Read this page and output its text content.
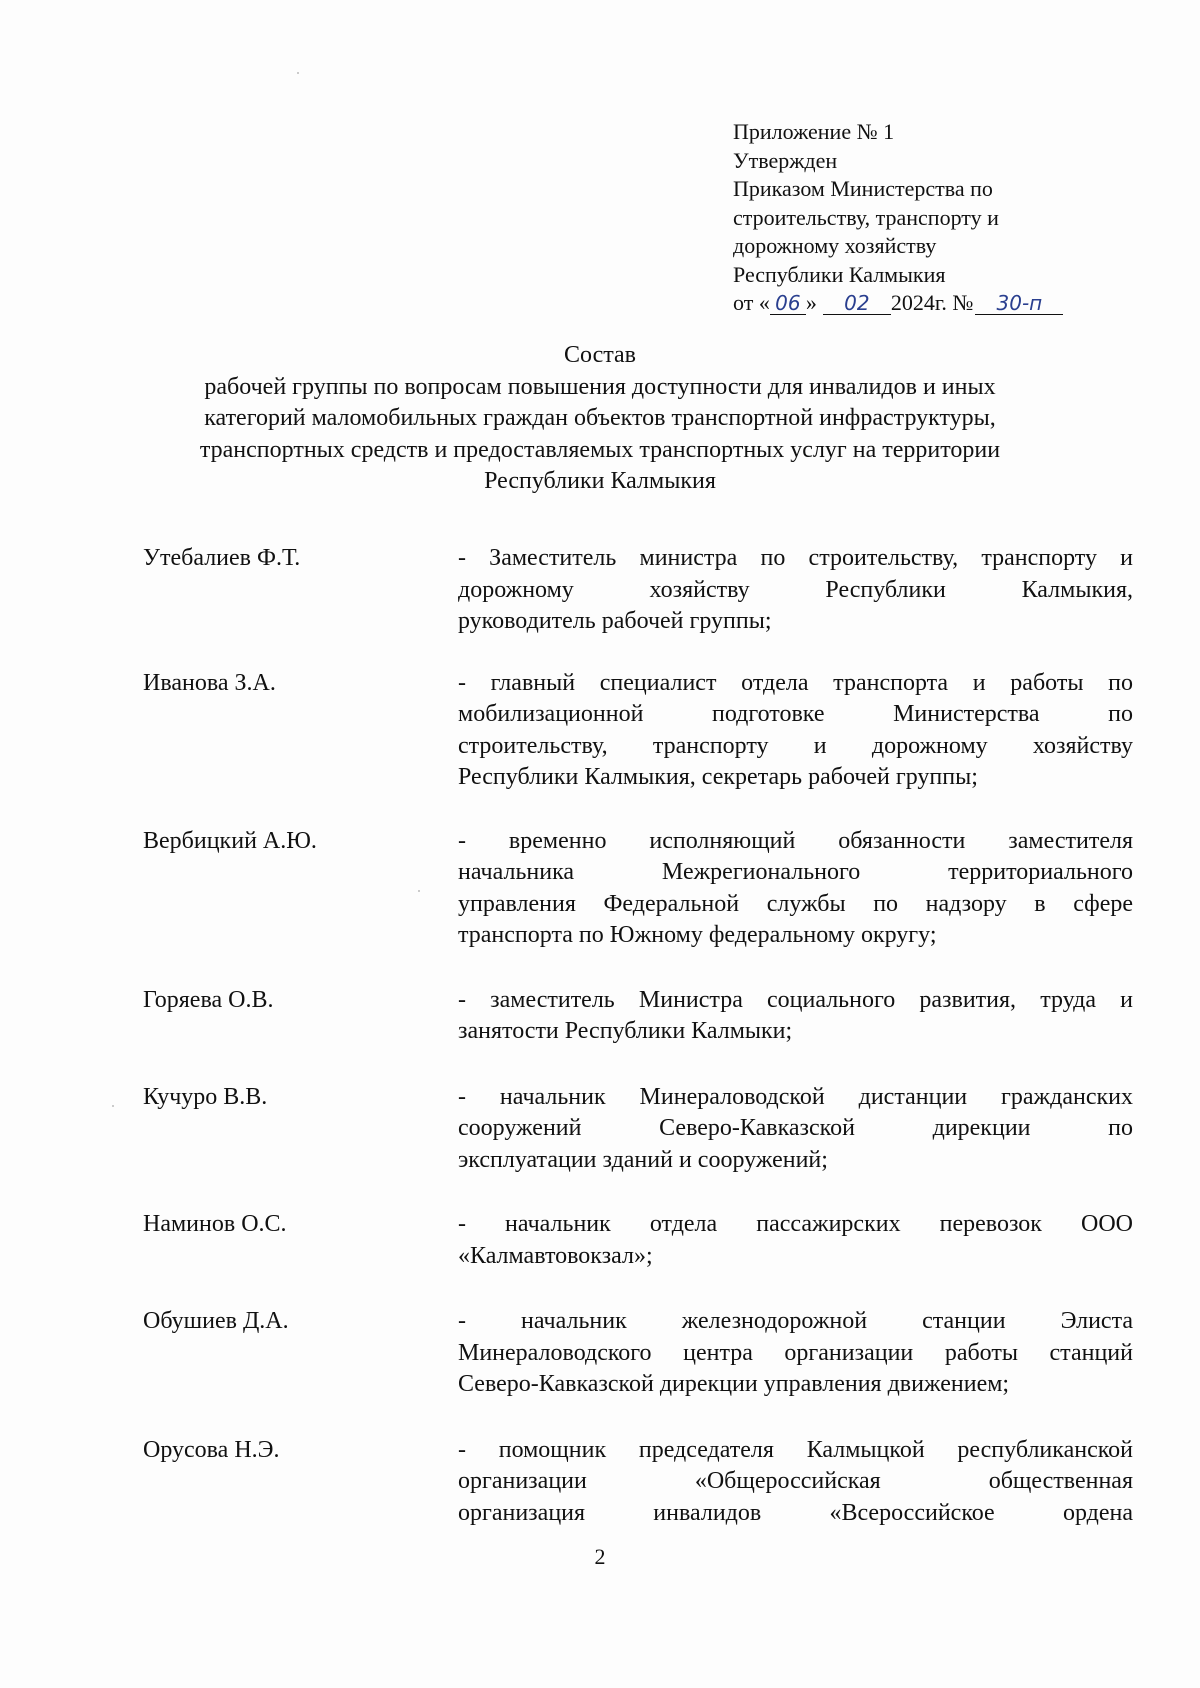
Приложение № 1
Утвержден
Приказом Министерства по
строительству, транспорту и
дорожному хозяйству
Республики Калмыкия
от « 06 » 02 2024г. № 30-п
Состав
рабочей группы по вопросам повышения доступности для инвалидов и иных
категорий маломобильных граждан объектов транспортной инфраструктуры,
транспортных средств и предоставляемых транспортных услуг на территории
Республики Калмыкия
Утебалиев Ф.Т.	- Заместитель министра по строительству, транспорту и
дорожному хозяйству Республики Калмыкия,
руководитель рабочей группы;
Иванова З.А.	- главный специалист отдела транспорта и работы по
мобилизационной подготовке Министерства по
строительству, транспорту и дорожному хозяйству
Республики Калмыкия, секретарь рабочей группы;
Вербицкий А.Ю.	- временно исполняющий обязанности заместителя
начальника Межрегионального территориального
управления Федеральной службы по надзору в сфере
транспорта по Южному федеральному округу;
Горяева О.В.	- заместитель Министра социального развития, труда и
занятости Республики Калмыки;
Кучуро В.В.	- начальник Минераловодской дистанции гражданских
сооружений Северо-Кавказской дирекции по
эксплуатации зданий и сооружений;
Наминов О.С.	- начальник отдела пассажирских перевозок ООО
«Калмавтовокзал»;
Обушиев Д.А.	- начальник железнодорожной станции Элиста
Минераловодского центра организации работы станций
Северо-Кавказской дирекции управления движением;
Орусова Н.Э.	- помощник председателя Калмыцкой республиканской
организации «Общероссийская общественная
организация инвалидов «Всероссийское ордена
2
